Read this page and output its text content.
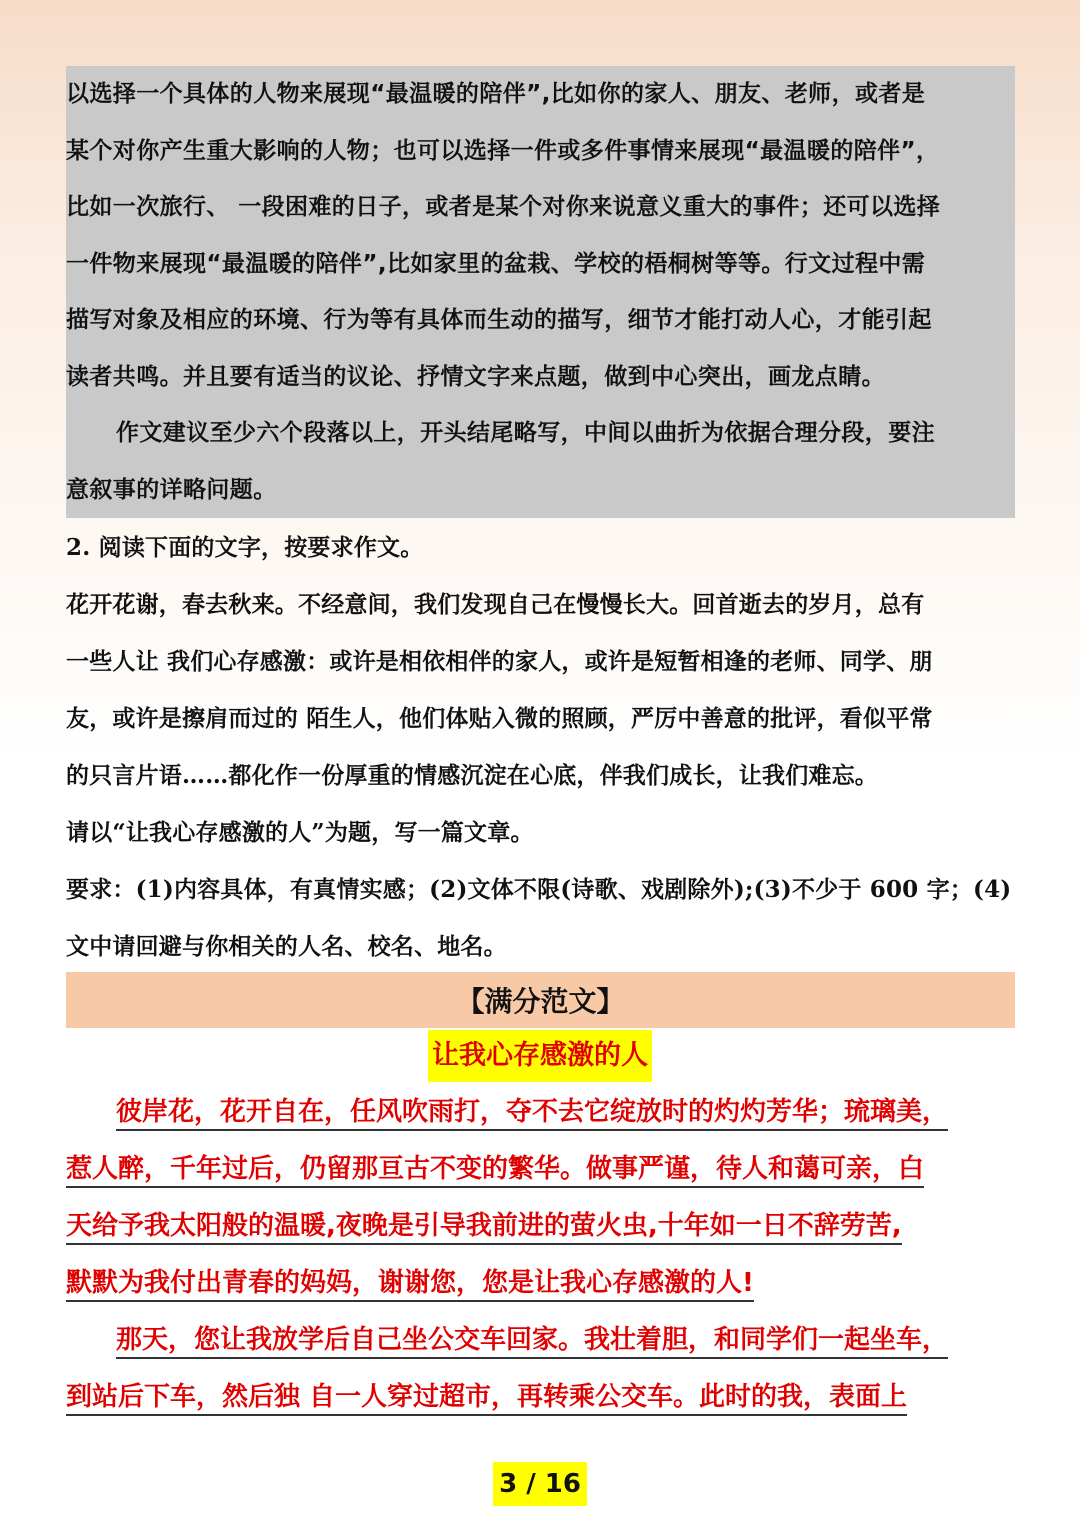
以选择一个具体的人物来展现“最温暖的陪伴”,比如你的家人、朋友、老师，或者是

某个对你产生重大影响的人物；也可以选择一件或多件事情来展现“最温暖的陪伴”，

比如一次旅行、 一段困难的日子，或者是某个对你来说意义重大的事件；还可以选择

一件物来展现“最温暖的陪伴”,比如家里的盆栽、学校的梧桐树等等。行文过程中需

描写对象及相应的环境、行为等有具体而生动的描写，细节才能打动人心，才能引起

读者共鸣。并且要有适当的议论、抒情文字来点题，做到中心突出，画龙点睛。

作文建议至少六个段落以上，开头结尾略写，中间以曲折为依据合理分段，要注

意叙事的详略问题。

2. 阅读下面的文字，按要求作文。

花开花谢，春去秋来。不经意间，我们发现自己在慢慢长大。回首逝去的岁月，总有

一些人让 我们心存感激：或许是相依相伴的家人，或许是短暂相逢的老师、同学、朋

友，或许是擦肩而过的 陌生人，他们体贴入微的照顾，严厉中善意的批评，看似平常

的只言片语……都化作一份厚重的情感沉淀在心底，伴我们成长，让我们难忘。

请以“让我心存感激的人”为题，写一篇文章。

要求：(1)内容具体，有真情实感；(2)文体不限(诗歌、戏剧除外);(3)不少于 600 字；(4)

文中请回避与你相关的人名、校名、地名。

【满分范文】
让我心存感激的人

彼岸花，花开自在，任风吹雨打，夺不去它绽放时的灼灼芳华；琉璃美，

惹人醉，千年过后，仍留那亘古不变的繁华。做事严谨，待人和蔼可亲，白

天给予我太阳般的温暖,夜晚是引导我前进的萤火虫,十年如一日不辞劳苦,

默默为我付出青春的妈妈，谢谢您，您是让我心存感激的人!

那天，您让我放学后自己坐公交车回家。我壮着胆，和同学们一起坐车，

到站后下车，然后独 自一人穿过超市，再转乘公交车。此时的我，表面上

3 / 16
